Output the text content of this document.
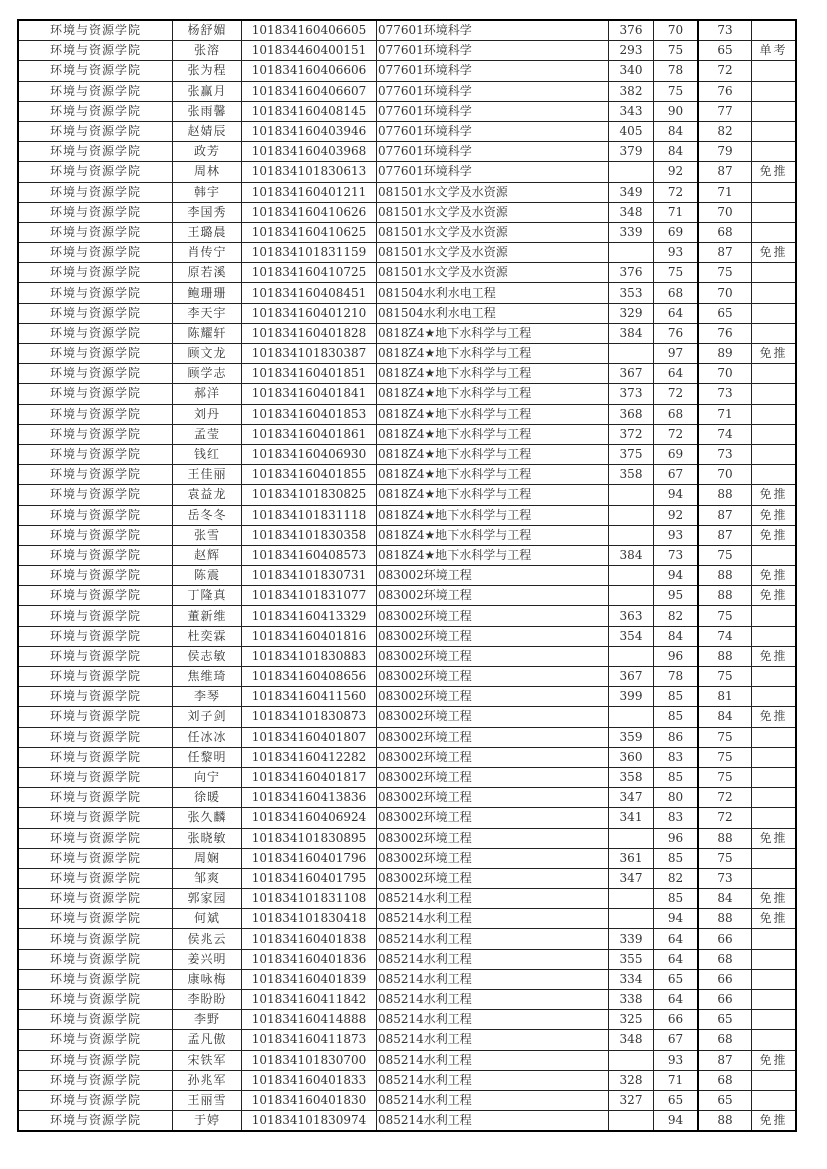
环境与资源学院	杨舒媚	101834160406605	077601环境科学	376	70	73	
环境与资源学院	张溶	101834460400151	077601环境科学	293	75	65	单考
环境与资源学院	张为程	101834160406606	077601环境科学	340	78	72	
环境与资源学院	张赢月	101834160406607	077601环境科学	382	75	76	
环境与资源学院	张雨馨	101834160408145	077601环境科学	343	90	77	
环境与资源学院	赵婧辰	101834160403946	077601环境科学	405	84	82	
环境与资源学院	政芳	101834160403968	077601环境科学	379	84	79	
环境与资源学院	周林	101834101830613	077601环境科学		92	87	免推
环境与资源学院	韩宇	101834160401211	081501水文学及水资源	349	72	71	
环境与资源学院	李国秀	101834160410626	081501水文学及水资源	348	71	70	
环境与资源学院	王璐晨	101834160410625	081501水文学及水资源	339	69	68	
环境与资源学院	肖传宁	101834101831159	081501水文学及水资源		93	87	免推
环境与资源学院	原若溪	101834160410725	081501水文学及水资源	376	75	75	
环境与资源学院	鲍珊珊	101834160408451	081504水利水电工程	353	68	70	
环境与资源学院	李天宇	101834160401210	081504水利水电工程	329	64	65	
环境与资源学院	陈耀轩	101834160401828	0818Z4★地下水科学与工程	384	76	76	
环境与资源学院	顾文龙	101834101830387	0818Z4★地下水科学与工程		97	89	免推
环境与资源学院	顾学志	101834160401851	0818Z4★地下水科学与工程	367	64	70	
环境与资源学院	郝洋	101834160401841	0818Z4★地下水科学与工程	373	72	73	
环境与资源学院	刘丹	101834160401853	0818Z4★地下水科学与工程	368	68	71	
环境与资源学院	孟莹	101834160401861	0818Z4★地下水科学与工程	372	72	74	
环境与资源学院	钱红	101834160406930	0818Z4★地下水科学与工程	375	69	73	
环境与资源学院	王佳丽	101834160401855	0818Z4★地下水科学与工程	358	67	70	
环境与资源学院	袁益龙	101834101830825	0818Z4★地下水科学与工程		94	88	免推
环境与资源学院	岳冬冬	101834101831118	0818Z4★地下水科学与工程		92	87	免推
环境与资源学院	张雪	101834101830358	0818Z4★地下水科学与工程		93	87	免推
环境与资源学院	赵辉	101834160408573	0818Z4★地下水科学与工程	384	73	75	
环境与资源学院	陈震	101834101830731	083002环境工程		94	88	免推
环境与资源学院	丁隆真	101834101831077	083002环境工程		95	88	免推
环境与资源学院	董新维	101834160413329	083002环境工程	363	82	75	
环境与资源学院	杜奕霖	101834160401816	083002环境工程	354	84	74	
环境与资源学院	侯志敏	101834101830883	083002环境工程		96	88	免推
环境与资源学院	焦维琦	101834160408656	083002环境工程	367	78	75	
环境与资源学院	李琴	101834160411560	083002环境工程	399	85	81	
环境与资源学院	刘子剑	101834101830873	083002环境工程		85	84	免推
环境与资源学院	任冰冰	101834160401807	083002环境工程	359	86	75	
环境与资源学院	任黎明	101834160412282	083002环境工程	360	83	75	
环境与资源学院	向宁	101834160401817	083002环境工程	358	85	75	
环境与资源学院	徐暖	101834160413836	083002环境工程	347	80	72	
环境与资源学院	张久麟	101834160406924	083002环境工程	341	83	72	
环境与资源学院	张晓敏	101834101830895	083002环境工程		96	88	免推
环境与资源学院	周娴	101834160401796	083002环境工程	361	85	75	
环境与资源学院	邹爽	101834160401795	083002环境工程	347	82	73	
环境与资源学院	郭家园	101834101831108	085214水利工程		85	84	免推
环境与资源学院	何斌	101834101830418	085214水利工程		94	88	免推
环境与资源学院	侯兆云	101834160401838	085214水利工程	339	64	66	
环境与资源学院	姜兴明	101834160401836	085214水利工程	355	64	68	
环境与资源学院	康咏梅	101834160401839	085214水利工程	334	65	66	
环境与资源学院	李盼盼	101834160411842	085214水利工程	338	64	66	
环境与资源学院	李野	101834160414888	085214水利工程	325	66	65	
环境与资源学院	孟凡傲	101834160411873	085214水利工程	348	67	68	
环境与资源学院	宋铁军	101834101830700	085214水利工程		93	87	免推
环境与资源学院	孙兆军	101834160401833	085214水利工程	328	71	68	
环境与资源学院	王丽雪	101834160401830	085214水利工程	327	65	65	
环境与资源学院	于婷	101834101830974	085214水利工程		94	88	免推
